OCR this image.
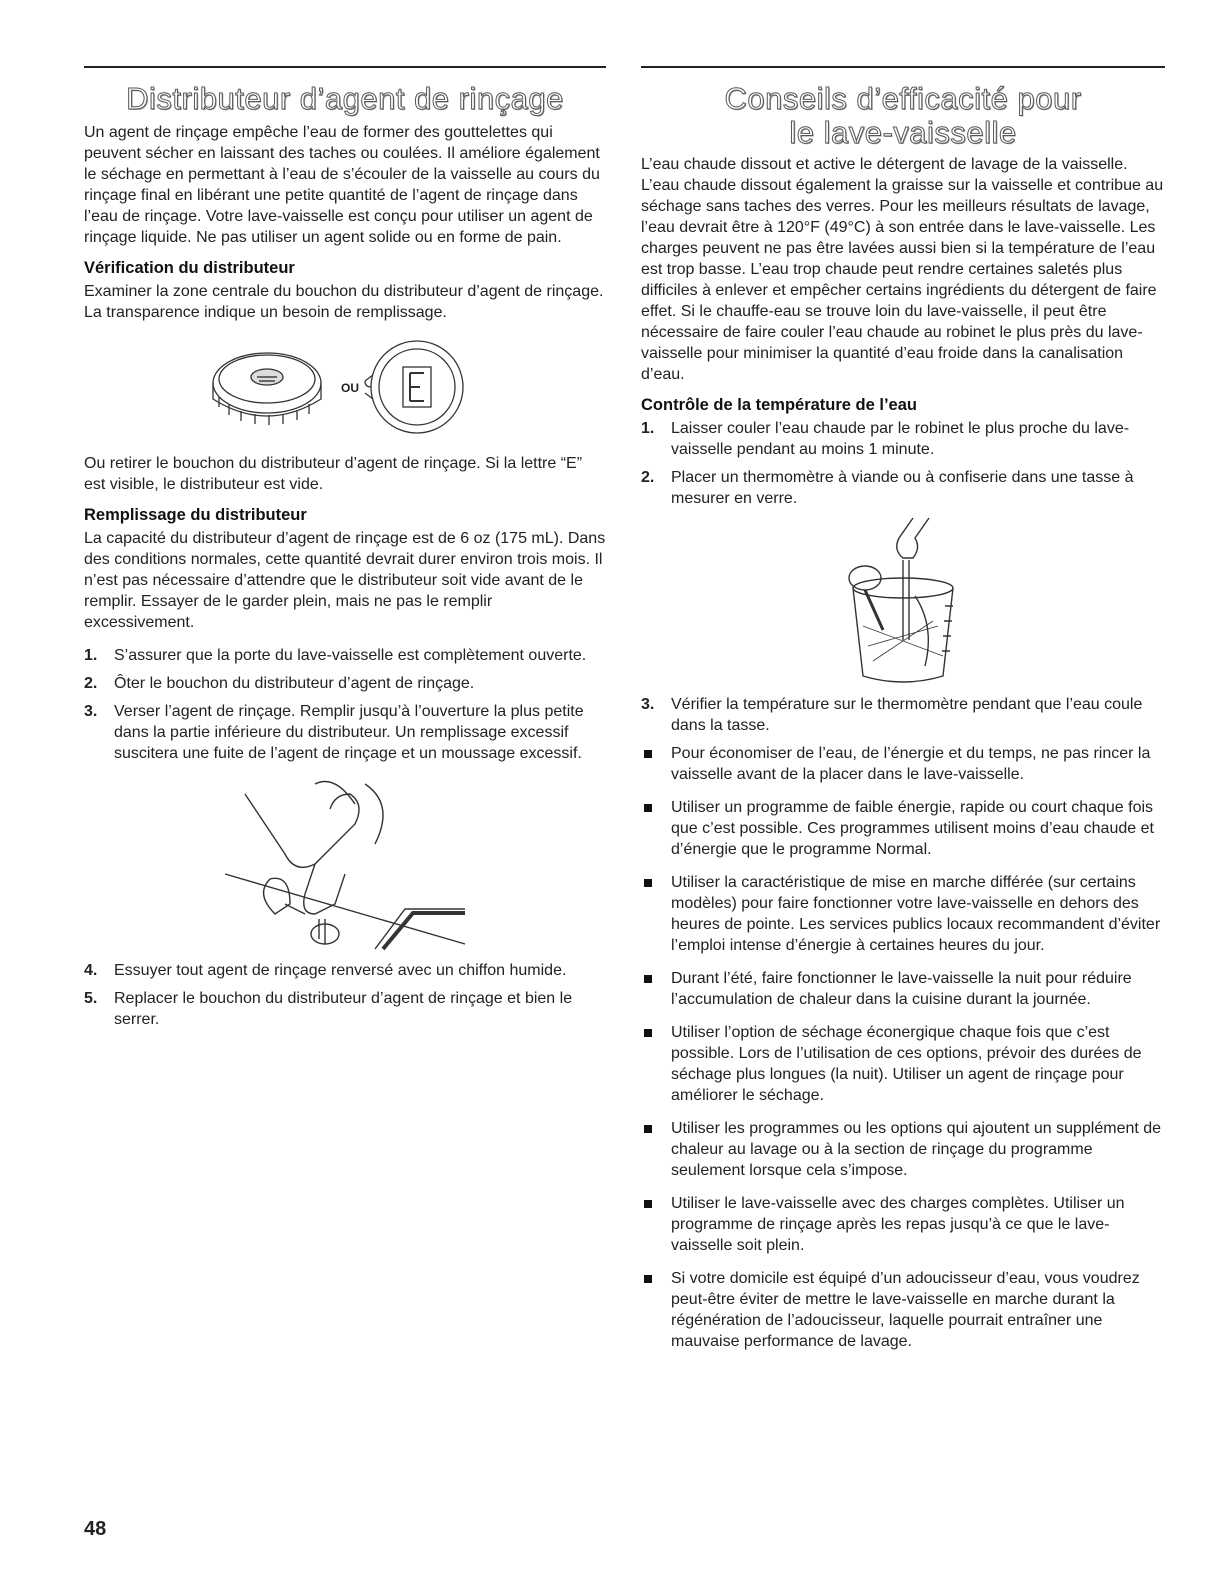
Distributeur d’agent de rinçage

Un agent de rinçage empêche l’eau de former des gouttelettes qui peuvent sécher en laissant des taches ou coulées. Il améliore également le séchage en permettant à l’eau de s’écouler de la vaisselle au cours du rinçage final en libérant une petite quantité de l’agent de rinçage dans l’eau de rinçage. Votre lave-vaisselle est conçu pour utiliser un agent de rinçage liquide. Ne pas utiliser un agent solide ou en forme de pain.

Vérification du distributeur

Examiner la zone centrale du bouchon du distributeur d’agent de rinçage. La transparence indique un besoin de remplissage.

OU

Ou retirer le bouchon du distributeur d’agent de rinçage. Si la lettre “E” est visible, le distributeur est vide.

Remplissage du distributeur

La capacité du distributeur d’agent de rinçage est de 6 oz (175 mL). Dans des conditions normales, cette quantité devrait durer environ trois mois. Il n’est pas nécessaire d’attendre que le distributeur soit vide avant de le remplir. Essayer de le garder plein, mais ne pas le remplir excessivement.

1. S’assurer que la porte du lave-vaisselle est complètement ouverte.
2. Ôter le bouchon du distributeur d’agent de rinçage.
3. Verser l’agent de rinçage. Remplir jusqu’à l’ouverture la plus petite dans la partie inférieure du distributeur. Un remplissage excessif suscitera une fuite de l’agent de rinçage et un moussage excessif.
4. Essuyer tout agent de rinçage renversé avec un chiffon humide.
5. Replacer le bouchon du distributeur d’agent de rinçage et bien le serrer.
Conseils d’efficacité pour
le lave-vaisselle

L’eau chaude dissout et active le détergent de lavage de la vaisselle. L’eau chaude dissout également la graisse sur la vaisselle et contribue au séchage sans taches des verres. Pour les meilleurs résultats de lavage, l’eau devrait être à 120°F (49°C) à son entrée dans le lave-vaisselle. Les charges peuvent ne pas être lavées aussi bien si la température de l’eau est trop basse. L’eau trop chaude peut rendre certaines saletés plus difficiles à enlever et empêcher certains ingrédients du détergent de faire effet. Si le chauffe-eau se trouve loin du lave-vaisselle, il peut être nécessaire de faire couler l’eau chaude au robinet le plus près du lave-vaisselle pour minimiser la quantité d’eau froide dans la canalisation d’eau.

Contrôle de la température de l’eau
1. Laisser couler l’eau chaude par le robinet le plus proche du lave-vaisselle pendant au moins 1 minute.
2. Placer un thermomètre à viande ou à confiserie dans une tasse à mesurer en verre.
3. Vérifier la température sur le thermomètre pendant que l’eau coule dans la tasse.
Pour économiser de l’eau, de l’énergie et du temps, ne pas rincer la vaisselle avant de la placer dans le lave-vaisselle.
Utiliser un programme de faible énergie, rapide ou court chaque fois que c’est possible. Ces programmes utilisent moins d’eau chaude et d’énergie que le programme Normal.
Utiliser la caractéristique de mise en marche différée (sur certains modèles) pour faire fonctionner votre lave-vaisselle en dehors des heures de pointe. Les services publics locaux recommandent d’éviter l’emploi intense d’énergie à certaines heures du jour.
Durant l’été, faire fonctionner le lave-vaisselle la nuit pour réduire l’accumulation de chaleur dans la cuisine durant la journée.
Utiliser l’option de séchage éconergique chaque fois que c’est possible. Lors de l’utilisation de ces options, prévoir des durées de séchage plus longues (la nuit). Utiliser un agent de rinçage pour améliorer le séchage.
Utiliser les programmes ou les options qui ajoutent un supplément de chaleur au lavage ou à la section de rinçage du programme seulement lorsque cela s’impose.
Utiliser le lave-vaisselle avec des charges complètes. Utiliser un programme de rinçage après les repas jusqu’à ce que le lave-vaisselle soit plein.
Si votre domicile est équipé d’un adoucisseur d’eau, vous voudrez peut-être éviter de mettre le lave-vaisselle en marche durant la régénération de l’adoucisseur, laquelle pourrait entraîner une mauvaise performance de lavage.
48
